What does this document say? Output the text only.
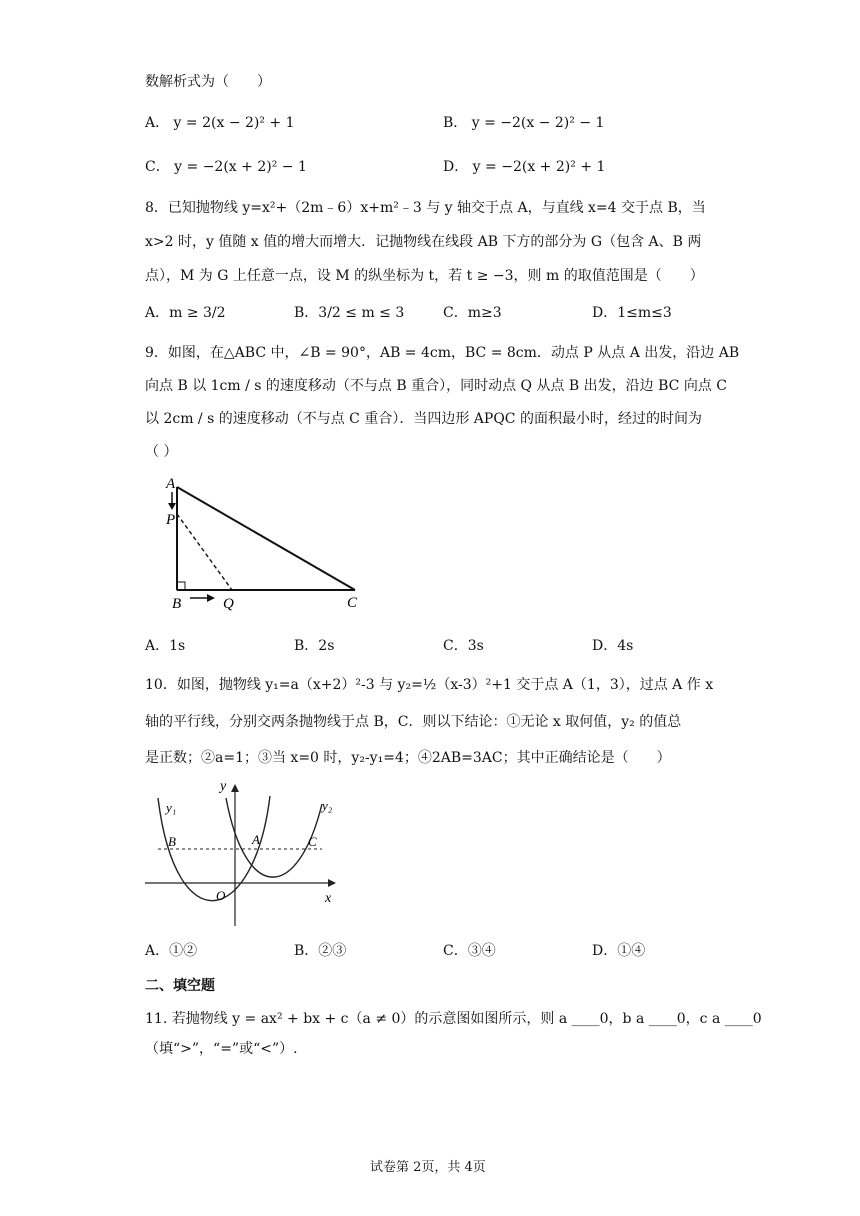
数解析式为（　　）
A． y = 2(x − 2)² + 1	B． y = −2(x − 2)² − 1
C． y = −2(x + 2)² − 1	D． y = −2(x + 2)² + 1
8．已知抛物线 y=x²+（2m﹣6）x+m²﹣3 与 y 轴交于点 A，与直线 x=4 交于点 B，当
x>2 时，y 值随 x 值的增大而增大．记抛物线在线段 AB 下方的部分为 G（包含 A、B 两
点），M 为 G 上任意一点，设 M 的纵坐标为 t，若 t ≥ −3，则 m 的取值范围是（　　）
A．m ≥ 3/2	B．3/2 ≤ m ≤ 3	C．m≥3	D．1≤m≤3
9．如图，在△ABC 中，∠B = 90°，AB = 4cm，BC = 8cm．动点 P 从点 A 出发，沿边 AB
向点 B 以 1cm / s 的速度移动（不与点 B 重合），同时动点 Q 从点 B 出发，沿边 BC 向点 C
以 2cm / s 的速度移动（不与点 C 重合）．当四边形 APQC 的面积最小时，经过的时间为
（ ）
A
P
B	Q	C
A．1s	B．2s	C．3s	D．4s
10．如图，抛物线 y₁=a（x+2）²-3 与 y₂=½（x-3）²+1 交于点 A（1，3），过点 A 作 x
轴的平行线，分别交两条抛物线于点 B，C．则以下结论：①无论 x 取何值，y₂ 的值总
是正数；②a=1；③当 x=0 时，y₂-y₁=4；④2AB=3AC；其中正确结论是（　　）
y
x
y₁	y₂
B	A	C
O
A．①②	B．②③	C．③④	D．①④
二、填空题
11. 若抛物线 y = ax² + bx + c（a ≠ 0）的示意图如图所示，则 a ____0，b a ____0，c a ____0
（填“>”，“=”或“<”）.
试卷第 2页，共 4页
